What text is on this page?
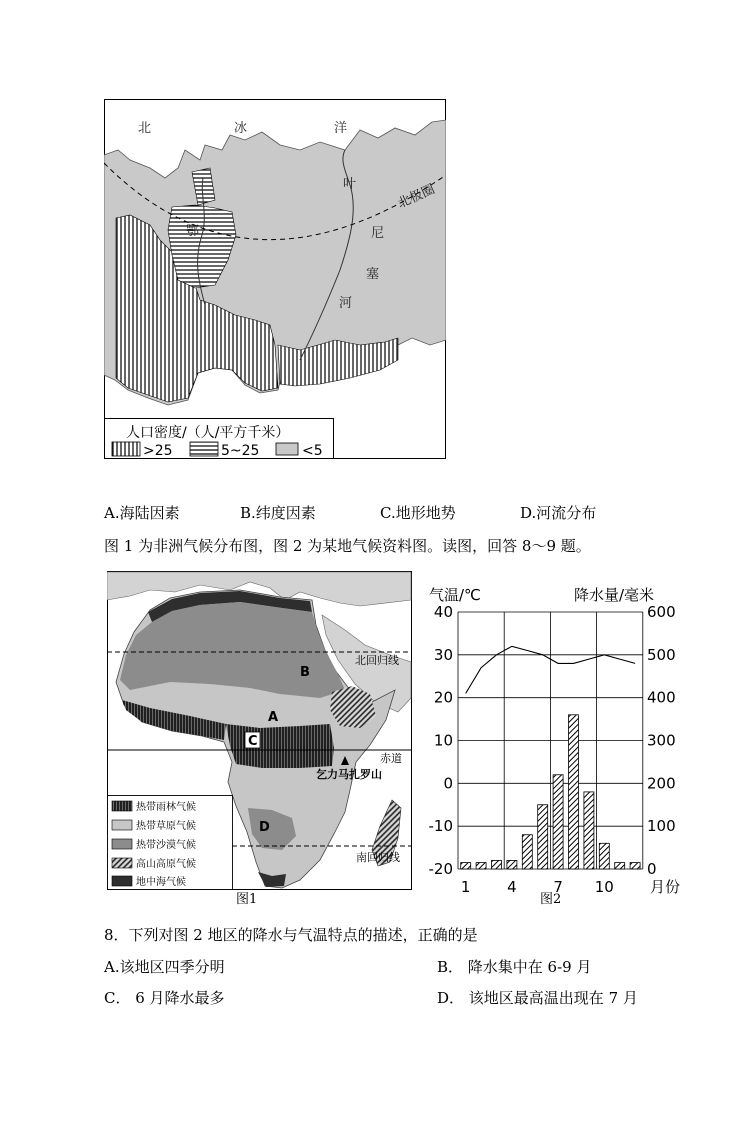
北	冰	洋
北极圈
叶
尼
塞
河
鄂
人口密度/（人/平方千米）
>25	5~25	<5
A.海陆因素	B.纬度因素	C.地形地势	D.河流分布
图 1 为非洲气候分布图，图 2 为某地气候资料图。读图，回答 8～9 题。
北回归线
赤道
南回归线
乞力马扎罗山
A
B
C
D
热带雨林气候
热带草原气候
热带沙漠气候
高山高原气候
地中海气候
图1
气温/℃	降水量/毫米
40
30
20
10
0
-10
-20
600
500
400
300
200
100
0
1 4 7 10 月份
图2
8．下列对图 2 地区的降水与气温特点的描述，正确的是
A.该地区四季分明	B． 降水集中在 6-9 月
C． 6 月降水最多	D． 该地区最高温出现在 7 月
